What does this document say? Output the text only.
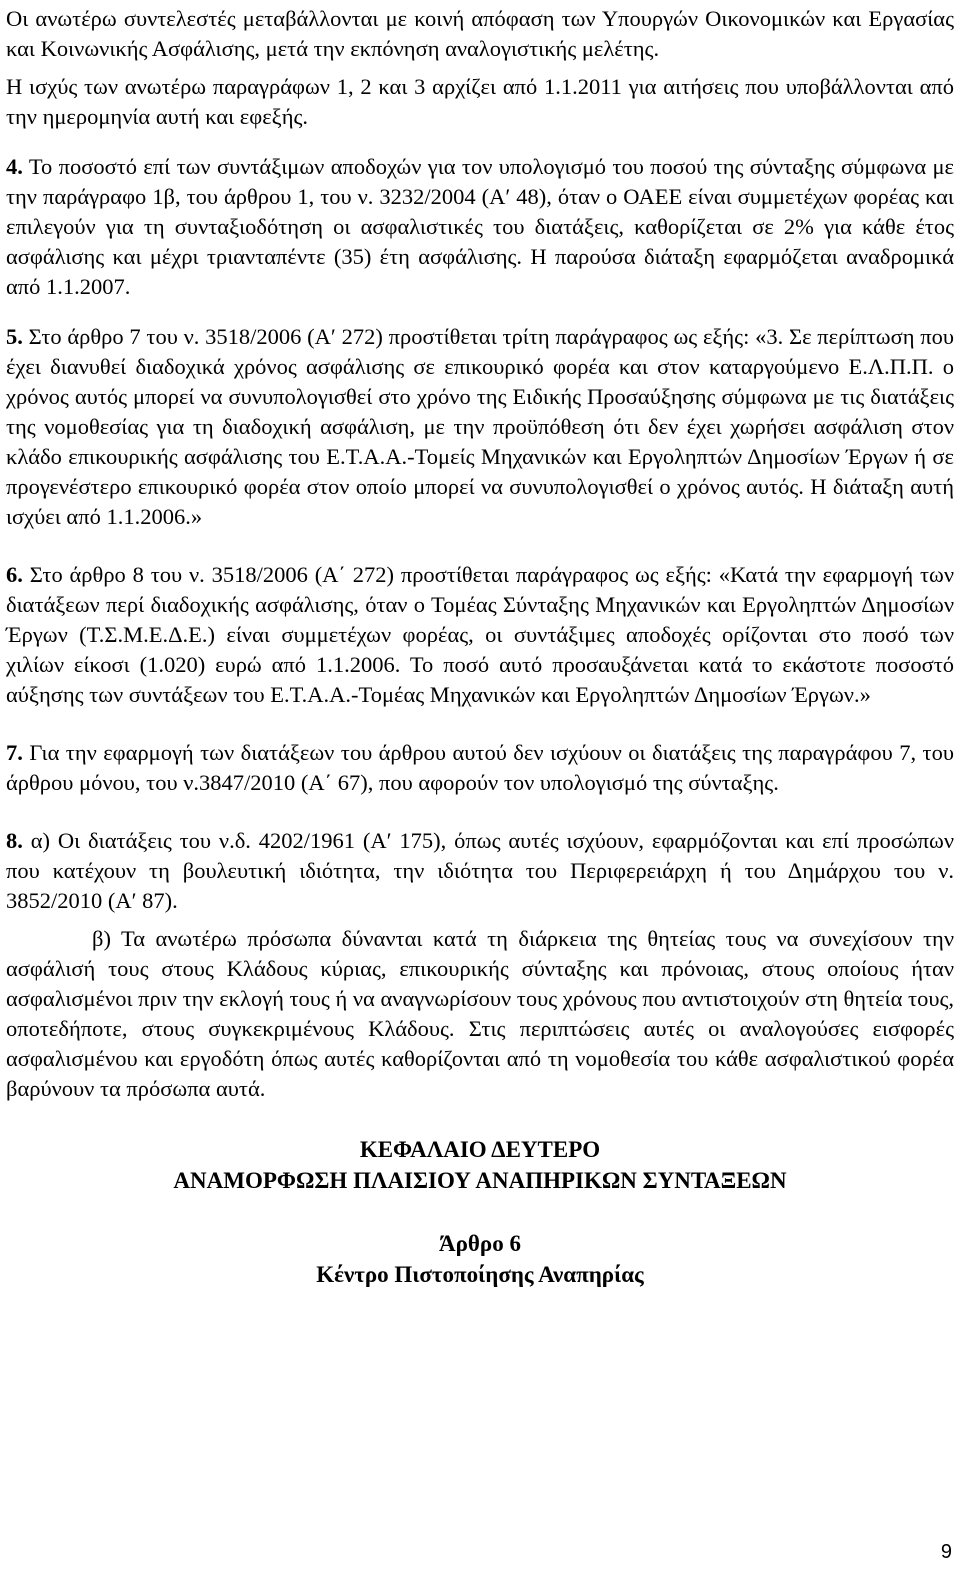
Οι ανωτέρω συντελεστές μεταβάλλονται με κοινή απόφαση των Υπουργών Οικονομικών και Εργασίας και Κοινωνικής Ασφάλισης, μετά την εκπόνηση αναλογιστικής μελέτης.

Η ισχύς των ανωτέρω παραγράφων 1, 2 και 3 αρχίζει από 1.1.2011 για αιτήσεις που υποβάλλονται από την ημερομηνία αυτή και εφεξής.

4. Το ποσοστό επί των συντάξιμων αποδοχών για τον υπολογισμό του ποσού της σύνταξης σύμφωνα με την παράγραφο 1β, του άρθρου 1, του ν. 3232/2004 (Α′ 48), όταν ο ΟΑΕΕ είναι συμμετέχων φορέας και επιλεγούν για τη συνταξιοδότηση οι ασφαλιστικές του διατάξεις, καθορίζεται σε 2% για κάθε έτος ασφάλισης και μέχρι τριανταπέντε (35) έτη ασφάλισης. Η παρούσα διάταξη εφαρμόζεται αναδρομικά από 1.1.2007.

5. Στο άρθρο 7 του ν. 3518/2006 (Α′ 272) προστίθεται τρίτη παράγραφος ως εξής: «3. Σε περίπτωση που έχει διανυθεί διαδοχικά χρόνος ασφάλισης σε επικουρικό φορέα και στον καταργούμενο Ε.Λ.Π.Π. ο χρόνος αυτός μπορεί να συνυπολογισθεί στο χρόνο της Ειδικής Προσαύξησης σύμφωνα με τις διατάξεις της νομοθεσίας για τη διαδοχική ασφάλιση, με την προϋπόθεση ότι δεν έχει χωρήσει ασφάλιση στον κλάδο επικουρικής ασφάλισης του Ε.Τ.Α.Α.-Τομείς Μηχανικών και Εργοληπτών Δημοσίων Έργων ή σε προγενέστερο επικουρικό φορέα στον οποίο μπορεί να συνυπολογισθεί ο χρόνος αυτός. Η διάταξη αυτή ισχύει από 1.1.2006.»

6. Στο άρθρο 8 του ν. 3518/2006 (Α΄ 272) προστίθεται παράγραφος ως εξής: «Κατά την εφαρμογή των διατάξεων περί διαδοχικής ασφάλισης, όταν ο Τομέας Σύνταξης Μηχανικών και Εργοληπτών Δημοσίων Έργων (Τ.Σ.Μ.Ε.Δ.Ε.) είναι συμμετέχων φορέας, οι συντάξιμες αποδοχές ορίζονται στο ποσό των χιλίων είκοσι (1.020) ευρώ από 1.1.2006. Το ποσό αυτό προσαυξάνεται κατά το εκάστοτε ποσοστό αύξησης των συντάξεων του Ε.Τ.Α.Α.-Τομέας Μηχανικών και Εργοληπτών Δημοσίων Έργων.»

7. Για την εφαρμογή των διατάξεων του άρθρου αυτού δεν ισχύουν οι διατάξεις της παραγράφου 7, του άρθρου μόνου, του ν.3847/2010 (Α΄ 67), που αφορούν τον υπολογισμό της σύνταξης.

8. α) Οι διατάξεις του ν.δ. 4202/1961 (Α′ 175), όπως αυτές ισχύουν, εφαρμόζονται και επί προσώπων που κατέχουν τη βουλευτική ιδιότητα, την ιδιότητα του Περιφερειάρχη ή του Δημάρχου του ν. 3852/2010 (Α′ 87).

β) Τα ανωτέρω πρόσωπα δύνανται κατά τη διάρκεια της θητείας τους να συνεχίσουν την ασφάλισή τους στους Κλάδους κύριας, επικουρικής σύνταξης και πρόνοιας, στους οποίους ήταν ασφαλισμένοι πριν την εκλογή τους ή να αναγνωρίσουν τους χρόνους που αντιστοιχούν στη θητεία τους, οποτεδήποτε, στους συγκεκριμένους Κλάδους. Στις περιπτώσεις αυτές οι αναλογούσες εισφορές ασφαλισμένου και εργοδότη όπως αυτές καθορίζονται από τη νομοθεσία του κάθε ασφαλιστικού φορέα βαρύνουν τα πρόσωπα αυτά.

ΚΕΦΑΛΑΙΟ ΔΕΥΤΕΡΟ

ΑΝΑΜΟΡΦΩΣΗ ΠΛΑΙΣΙΟΥ ΑΝΑΠΗΡΙΚΩΝ ΣΥΝΤΑΞΕΩΝ

Άρθρο 6

Κέντρο Πιστοποίησης Αναπηρίας

9
